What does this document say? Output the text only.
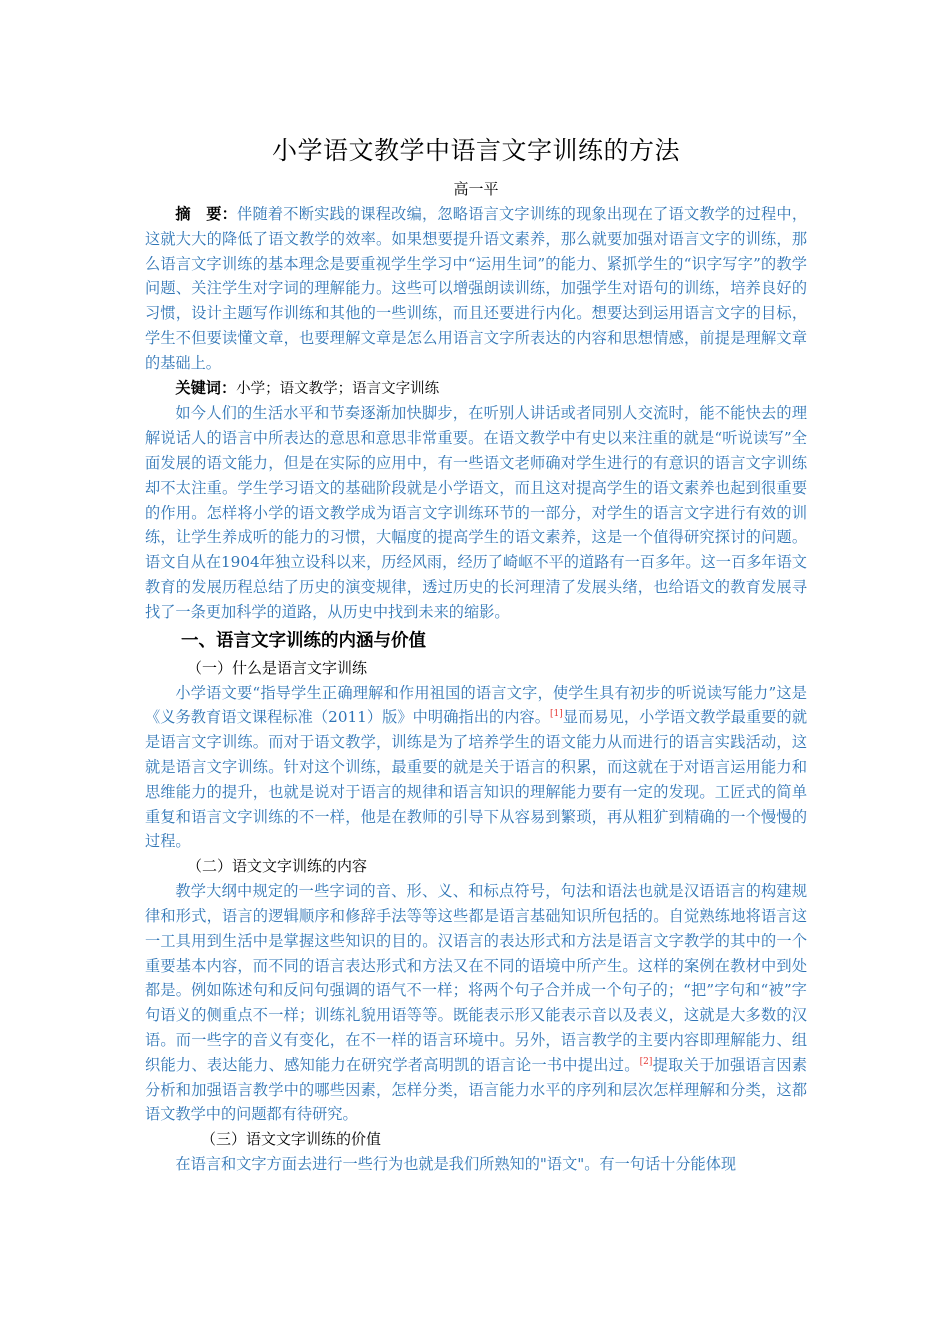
小学语文教学中语言文字训练的方法
高一平

摘　要：伴随着不断实践的课程改编，忽略语言文字训练的现象出现在了语文教学的过程中，这就大大的降低了语文教学的效率。如果想要提升语文素养，那么就要加强对语言文字的训练，那么语言文字训练的基本理念是要重视学生学习中“运用生词”的能力、紧抓学生的“识字写字”的教学问题、关注学生对字词的理解能力。这些可以增强朗读训练，加强学生对语句的训练，培养良好的习惯，设计主题写作训练和其他的一些训练，而且还要进行内化。想要达到运用语言文字的目标，学生不但要读懂文章，也要理解文章是怎么用语言文字所表达的内容和思想情感，前提是理解文章的基础上。

关键词：小学；语文教学；语言文字训练

如今人们的生活水平和节奏逐渐加快脚步，在听别人讲话或者同别人交流时，能不能快去的理解说话人的语言中所表达的意思和意思非常重要。在语文教学中有史以来注重的就是“听说读写”全面发展的语文能力，但是在实际的应用中，有一些语文老师确对学生进行的有意识的语言文字训练却不太注重。学生学习语文的基础阶段就是小学语文，而且这对提高学生的语文素养也起到很重要的作用。怎样将小学的语文教学成为语言文字训练环节的一部分，对学生的语言文字进行有效的训练，让学生养成听的能力的习惯，大幅度的提高学生的语文素养，这是一个值得研究探讨的问题。语文自从在1904年独立设科以来，历经风雨，经历了崎岖不平的道路有一百多年。这一百多年语文教育的发展历程总结了历史的演变规律，透过历史的长河理清了发展头绪，也给语文的教育发展寻找了一条更加科学的道路，从历史中找到未来的缩影。

一、语言文字训练的内涵与价值
（一）什么是语言文字训练

小学语文要“指导学生正确理解和作用祖国的语言文字，使学生具有初步的听说读写能力”这是《义务教育语文课程标准（2011）版》中明确指出的内容。[1]显而易见，小学语文教学最重要的就是语言文字训练。而对于语文教学，训练是为了培养学生的语文能力从而进行的语言实践活动，这就是语言文字训练。针对这个训练，最重要的就是关于语言的积累，而这就在于对语言运用能力和思维能力的提升，也就是说对于语言的规律和语言知识的理解能力要有一定的发现。工匠式的简单重复和语言文字训练的不一样，他是在教师的引导下从容易到繁琐，再从粗犷到精确的一个慢慢的过程。

（二）语文文字训练的内容

教学大纲中规定的一些字词的音、形、义、和标点符号，句法和语法也就是汉语语言的构建规律和形式，语言的逻辑顺序和修辞手法等等这些都是语言基础知识所包括的。自觉熟练地将语言这一工具用到生活中是掌握这些知识的目的。汉语言的表达形式和方法是语言文字教学的其中的一个重要基本内容，而不同的语言表达形式和方法又在不同的语境中所产生。这样的案例在教材中到处都是。例如陈述句和反问句强调的语气不一样；将两个句子合并成一个句子的；“把”字句和“被”字句语义的侧重点不一样；训练礼貌用语等等。既能表示形又能表示音以及表义，这就是大多数的汉语。而一些字的音义有变化，在不一样的语言环境中。另外，语言教学的主要内容即理解能力、组织能力、表达能力、感知能力在研究学者高明凯的语言论一书中提出过。[2]提取关于加强语言因素分析和加强语言教学中的哪些因素，怎样分类，语言能力水平的序列和层次怎样理解和分类，这都语文教学中的问题都有待研究。

（三）语文文字训练的价值

在语言和文字方面去进行一些行为也就是我们所熟知的"语文"。有一句话十分能体现
